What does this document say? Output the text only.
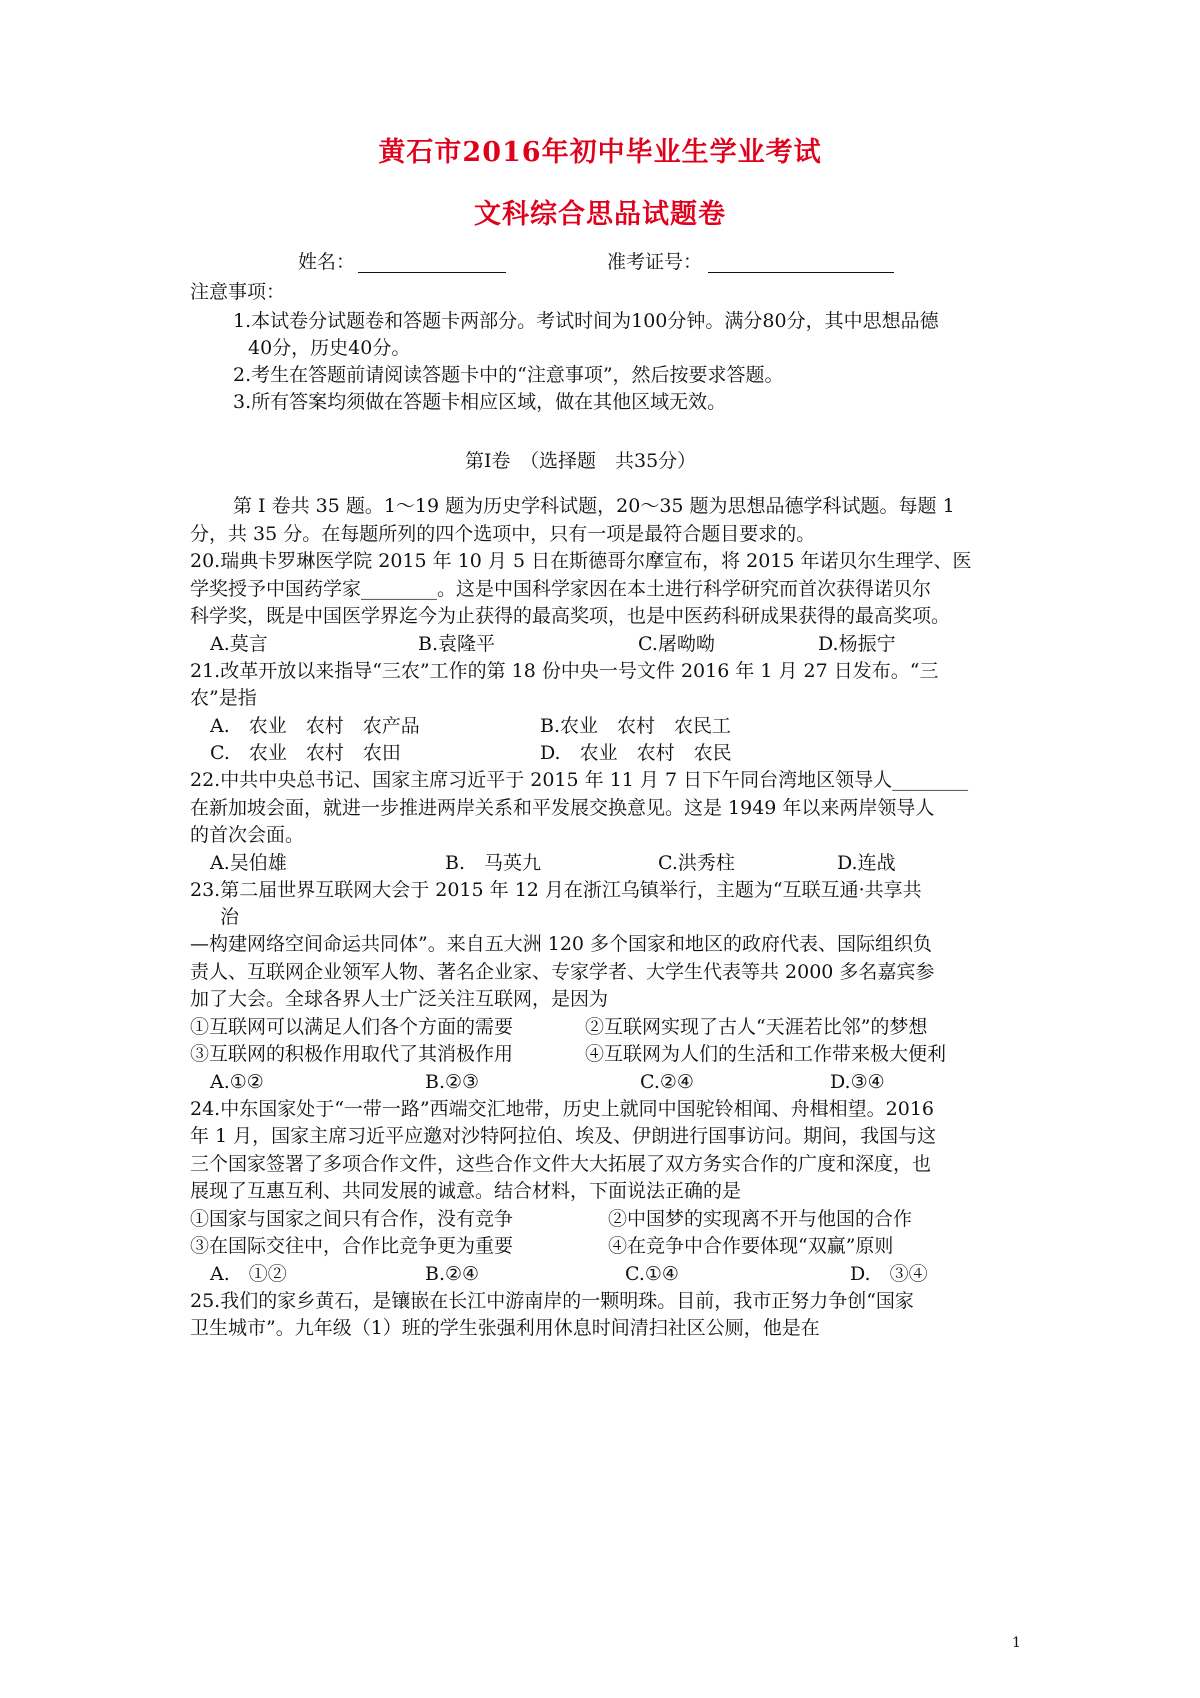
黄石市2016年初中毕业生学业考试
文科综合思品试题卷
姓名：	准考证号：
注意事项：
1.本试卷分试题卷和答题卡两部分。考试时间为100分钟。满分80分，其中思想品德
40分，历史40分。
2.考生在答题前请阅读答题卡中的“注意事项”，然后按要求答题。
3.所有答案均须做在答题卡相应区域，做在其他区域无效。
第Ⅰ卷　（选择题　共35分）
第 I 卷共 35 题。1～19 题为历史学科试题，20～35 题为思想品德学科试题。每题 1
分，共 35 分。在每题所列的四个选项中，只有一项是最符合题目要求的。
20.瑞典卡罗琳医学院 2015 年 10 月 5 日在斯德哥尔摩宣布，将 2015 年诺贝尔生理学、医
学奖授予中国药学家________。这是中国科学家因在本土进行科学研究而首次获得诺贝尔
科学奖，既是中国医学界迄今为止获得的最高奖项，也是中医药科研成果获得的最高奖项。
A.莫言	B.袁隆平	C.屠呦呦	D.杨振宁
21.改革开放以来指导“三农”工作的第 18 份中央一号文件 2016 年 1 月 27 日发布。“三
农”是指
A.　农业　农村　农产品	B.农业　农村　农民工
C.　农业　农村　农田	D.　农业　农村　农民
22.中共中央总书记、国家主席习近平于 2015 年 11 月 7 日下午同台湾地区领导人________
在新加坡会面，就进一步推进两岸关系和平发展交换意见。这是 1949 年以来两岸领导人
的首次会面。
A.吴伯雄	B.　马英九	C.洪秀柱	D.连战
23.第二届世界互联网大会于 2015 年 12 月在浙江乌镇举行，主题为“互联互通·共享共
治
—构建网络空间命运共同体”。来自五大洲 120 多个国家和地区的政府代表、国际组织负
责人、互联网企业领军人物、著名企业家、专家学者、大学生代表等共 2000 多名嘉宾参
加了大会。全球各界人士广泛关注互联网，是因为
①互联网可以满足人们各个方面的需要	②互联网实现了古人“天涯若比邻”的梦想
③互联网的积极作用取代了其消极作用	④互联网为人们的生活和工作带来极大便利
A.①②	B.②③	C.②④	D.③④
24.中东国家处于“一带一路”西端交汇地带，历史上就同中国驼铃相闻、舟楫相望。2016
年 1 月，国家主席习近平应邀对沙特阿拉伯、埃及、伊朗进行国事访问。期间，我国与这
三个国家签署了多项合作文件，这些合作文件大大拓展了双方务实合作的广度和深度，也
展现了互惠互利、共同发展的诚意。结合材料，下面说法正确的是
①国家与国家之间只有合作，没有竞争	②中国梦的实现离不开与他国的合作
③在国际交往中，合作比竞争更为重要	④在竞争中合作要体现“双赢”原则
A.　①②	B.②④	C.①④	D.　③④
25.我们的家乡黄石，是镶嵌在长江中游南岸的一颗明珠。目前，我市正努力争创“国家
卫生城市”。九年级（1）班的学生张强利用休息时间清扫社区公厕，他是在
1
